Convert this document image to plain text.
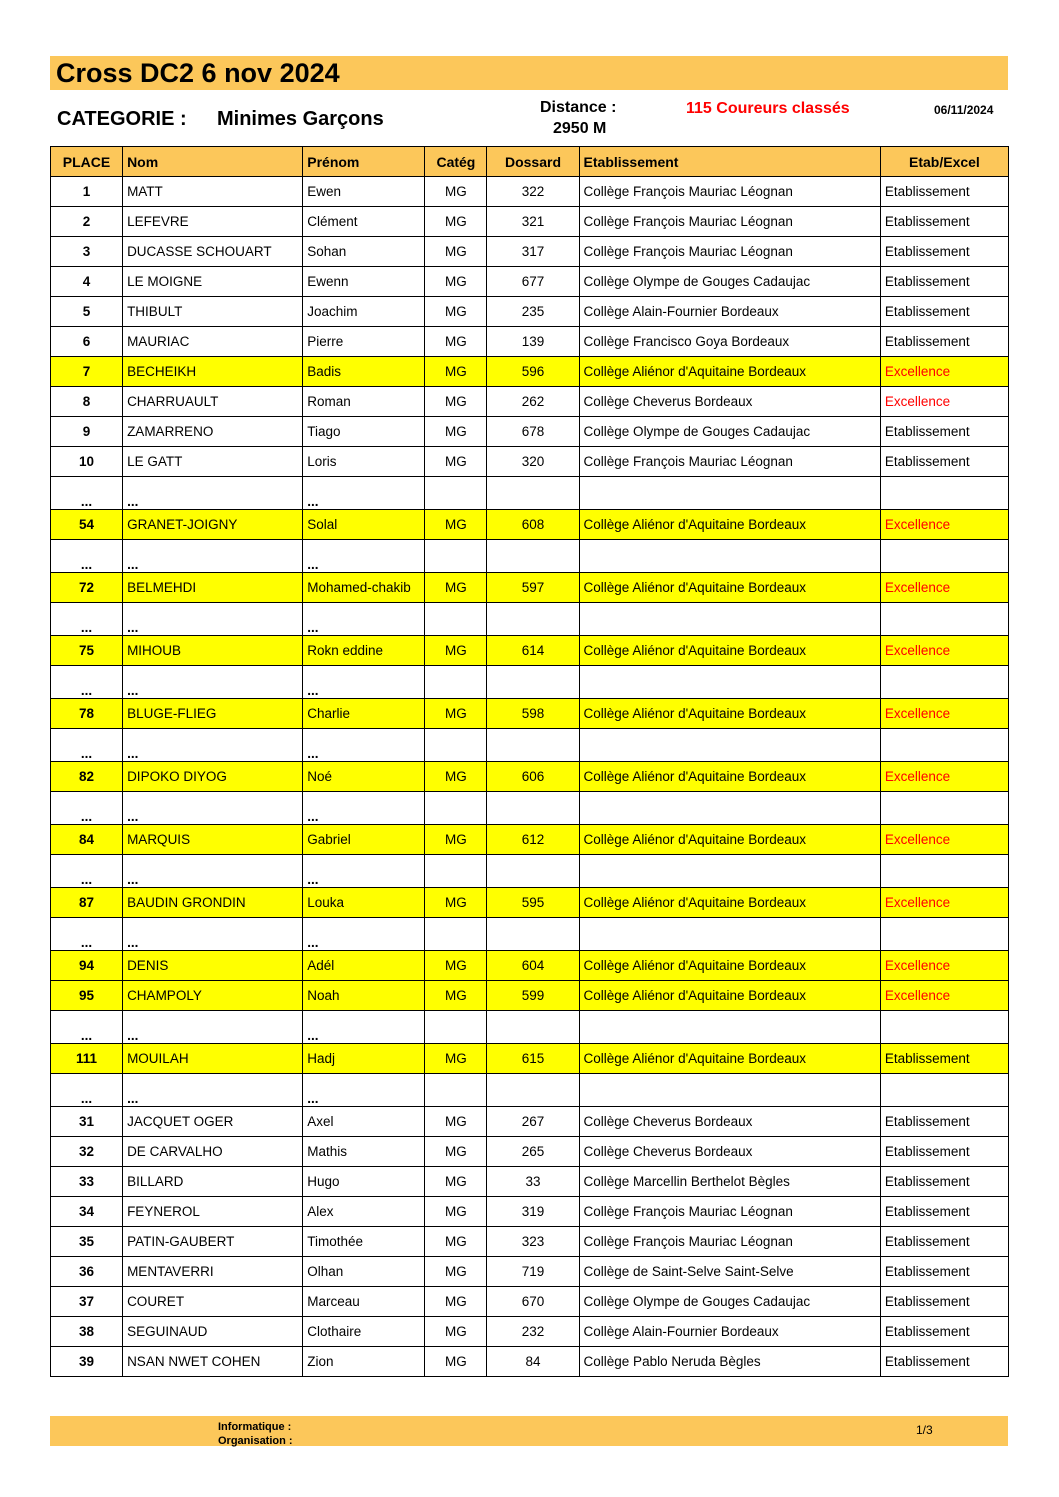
Cross DC2 6 nov 2024
CATEGORIE : Minimes Garçons
Distance :
2950 M
115 Coureurs classés	06/11/2024
PLACE	Nom	Prénom	Catég	Dossard	Etablissement	Etab/Excel
1	MATT	Ewen	MG	322	Collège François Mauriac Léognan	Etablissement
2	LEFEVRE	Clément	MG	321	Collège François Mauriac Léognan	Etablissement
3	DUCASSE SCHOUART	Sohan	MG	317	Collège François Mauriac Léognan	Etablissement
4	LE MOIGNE	Ewenn	MG	677	Collège Olympe de Gouges Cadaujac	Etablissement
5	THIBULT	Joachim	MG	235	Collège Alain-Fournier Bordeaux	Etablissement
6	MAURIAC	Pierre	MG	139	Collège Francisco Goya Bordeaux	Etablissement
7	BECHEIKH	Badis	MG	596	Collège Aliénor d'Aquitaine Bordeaux	Excellence
8	CHARRUAULT	Roman	MG	262	Collège Cheverus Bordeaux	Excellence
9	ZAMARRENO	Tiago	MG	678	Collège Olympe de Gouges Cadaujac	Etablissement
10	LE GATT	Loris	MG	320	Collège François Mauriac Léognan	Etablissement
...	...	...				
54	GRANET-JOIGNY	Solal	MG	608	Collège Aliénor d'Aquitaine Bordeaux	Excellence
...	...	...				
72	BELMEHDI	Mohamed-chakib	MG	597	Collège Aliénor d'Aquitaine Bordeaux	Excellence
...	...	...				
75	MIHOUB	Rokn eddine	MG	614	Collège Aliénor d'Aquitaine Bordeaux	Excellence
...	...	...				
78	BLUGE-FLIEG	Charlie	MG	598	Collège Aliénor d'Aquitaine Bordeaux	Excellence
...	...	...				
82	DIPOKO DIYOG	Noé	MG	606	Collège Aliénor d'Aquitaine Bordeaux	Excellence
...	...	...				
84	MARQUIS	Gabriel	MG	612	Collège Aliénor d'Aquitaine Bordeaux	Excellence
...	...	...				
87	BAUDIN GRONDIN	Louka	MG	595	Collège Aliénor d'Aquitaine Bordeaux	Excellence
...	...	...				
94	DENIS	Adél	MG	604	Collège Aliénor d'Aquitaine Bordeaux	Excellence
95	CHAMPOLY	Noah	MG	599	Collège Aliénor d'Aquitaine Bordeaux	Excellence
...	...	...				
111	MOUILAH	Hadj	MG	615	Collège Aliénor d'Aquitaine Bordeaux	Etablissement
...	...	...				
31	JACQUET OGER	Axel	MG	267	Collège Cheverus Bordeaux	Etablissement
32	DE CARVALHO	Mathis	MG	265	Collège Cheverus Bordeaux	Etablissement
33	BILLARD	Hugo	MG	33	Collège Marcellin Berthelot Bègles	Etablissement
34	FEYNEROL	Alex	MG	319	Collège François Mauriac Léognan	Etablissement
35	PATIN-GAUBERT	Timothée	MG	323	Collège François Mauriac Léognan	Etablissement
36	MENTAVERRI	Olhan	MG	719	Collège de Saint-Selve Saint-Selve	Etablissement
37	COURET	Marceau	MG	670	Collège Olympe de Gouges Cadaujac	Etablissement
38	SEGUINAUD	Clothaire	MG	232	Collège Alain-Fournier Bordeaux	Etablissement
39	NSAN NWET COHEN	Zion	MG	84	Collège Pablo Neruda Bègles	Etablissement
Informatique :
Organisation :
1/3
